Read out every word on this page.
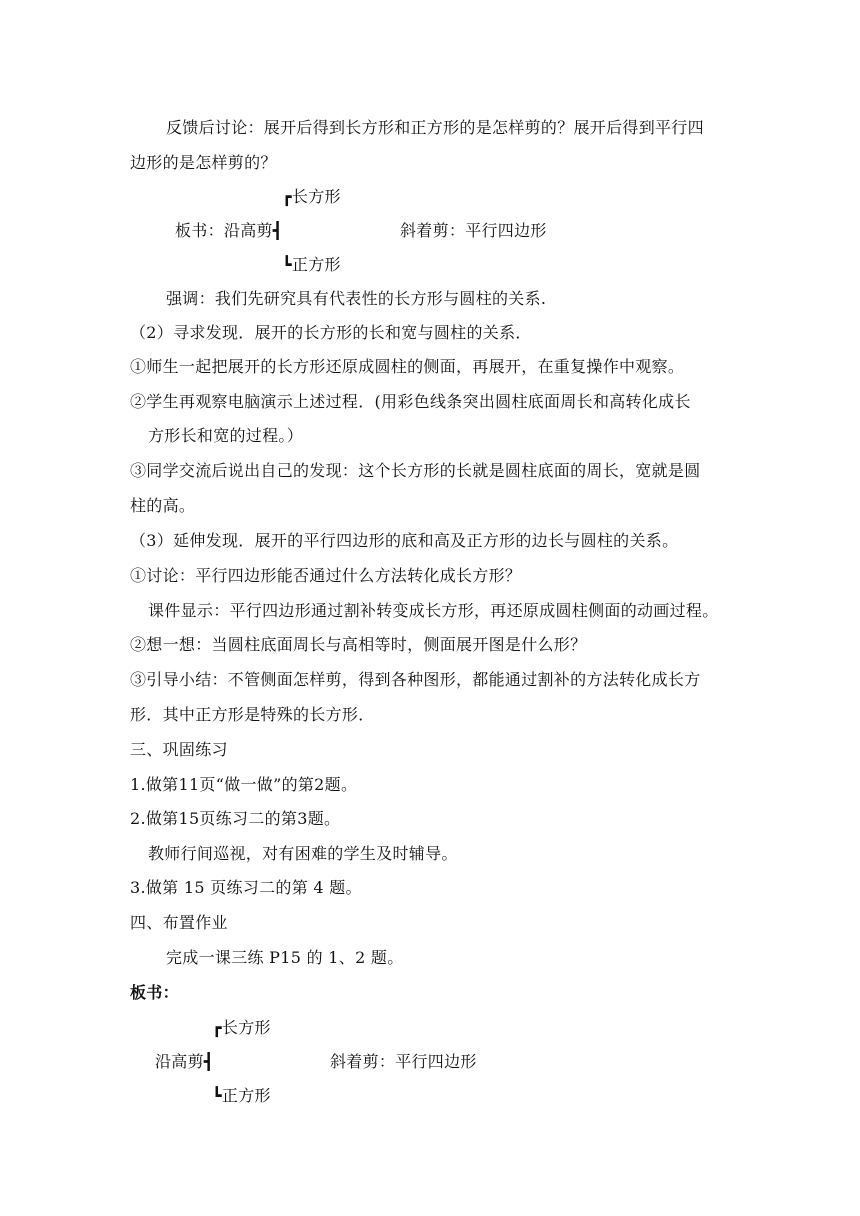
反馈后讨论：展开后得到长方形和正方形的是怎样剪的？展开后得到平行四
边形的是怎样剪的？
┏长方形
板书：沿高剪┫	斜着剪：平行四边形
┗正方形
强调：我们先研究具有代表性的长方形与圆柱的关系.
（2）寻求发现．展开的长方形的长和宽与圆柱的关系．
①师生一起把展开的长方形还原成圆柱的侧面，再展开，在重复操作中观察。
②学生再观察电脑演示上述过程．(用彩色线条突出圆柱底面周长和高转化成长
方形长和宽的过程。）
③同学交流后说出自己的发现：这个长方形的长就是圆柱底面的周长，宽就是圆
柱的高。
（3）延伸发现．展开的平行四边形的底和高及正方形的边长与圆柱的关系。
①讨论：平行四边形能否通过什么方法转化成长方形？
课件显示：平行四边形通过割补转变成长方形，再还原成圆柱侧面的动画过程。
②想一想：当圆柱底面周长与高相等时，侧面展开图是什么形？
③引导小结：不管侧面怎样剪，得到各种图形，都能通过割补的方法转化成长方
形．其中正方形是特殊的长方形．
三、巩固练习
1.做第11页“做一做”的第2题。
2.做第15页练习二的第3题。
教师行间巡视，对有困难的学生及时辅导。
3.做第 15 页练习二的第 4 题。
四、布置作业
完成一课三练 P15 的 1、2 题。
板书：
┏长方形
沿高剪┫	斜着剪：平行四边形
┗正方形
